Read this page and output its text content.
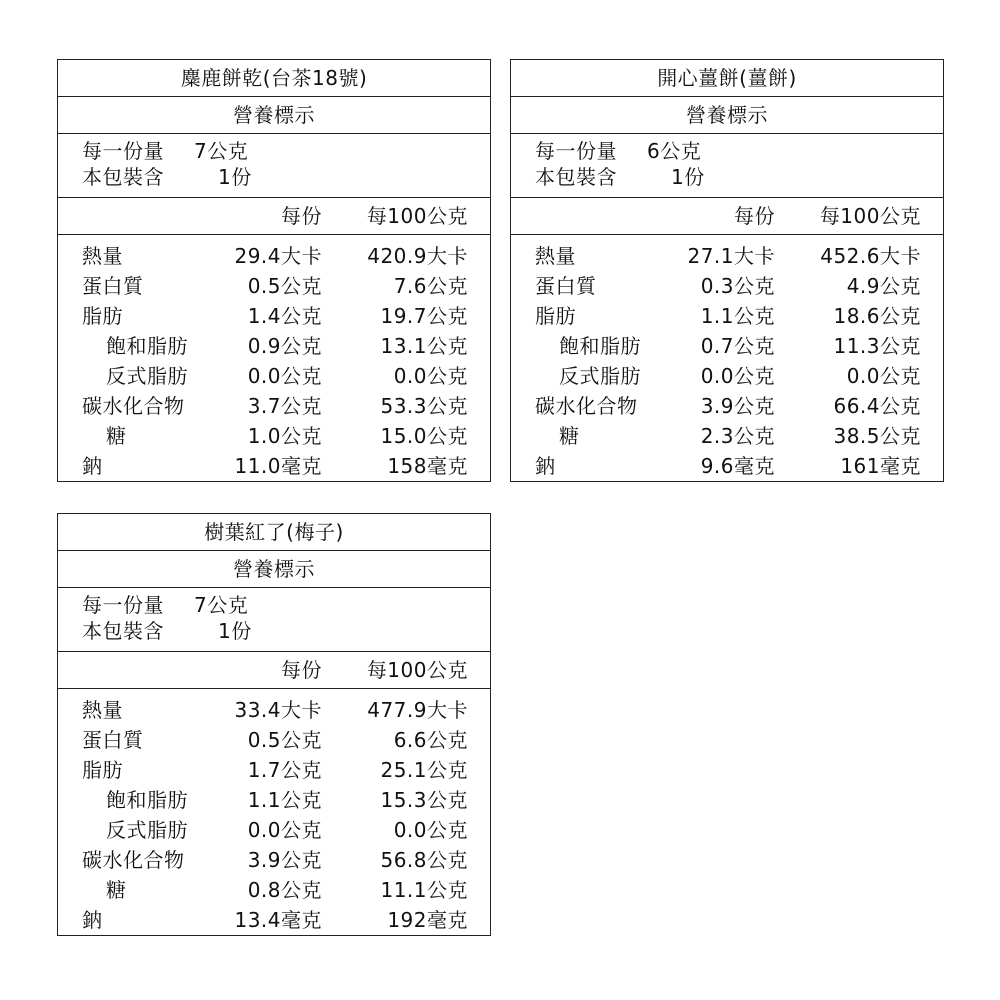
麋鹿餅乾(台茶18號)
營養標示
每一份量 7公克
本包裝含	1份
每份 每100公克
熱量	29.4大卡 420.9大卡
蛋白質	0.5公克	7.6公克
脂肪	1.4公克	19.7公克
飽和脂肪	0.9公克	13.1公克
反式脂肪	0.0公克	0.0公克
碳水化合物	3.7公克	53.3公克
糖	1.0公克	15.0公克
鈉	11.0毫克	158毫克
開心薑餅(薑餅)
營養標示
每一份量 6公克
本包裝含	1份
每份 每100公克
熱量	27.1大卡 452.6大卡
蛋白質	0.3公克	4.9公克
脂肪	1.1公克	18.6公克
飽和脂肪	0.7公克	11.3公克
反式脂肪	0.0公克	0.0公克
碳水化合物	3.9公克	66.4公克
糖	2.3公克	38.5公克
鈉	9.6毫克	161毫克
樹葉紅了(梅子)
營養標示
每一份量 7公克
本包裝含	1份
每份 每100公克
熱量	33.4大卡 477.9大卡
蛋白質	0.5公克	6.6公克
脂肪	1.7公克	25.1公克
飽和脂肪	1.1公克	15.3公克
反式脂肪	0.0公克	0.0公克
碳水化合物	3.9公克	56.8公克
糖	0.8公克	11.1公克
鈉	13.4毫克	192毫克
